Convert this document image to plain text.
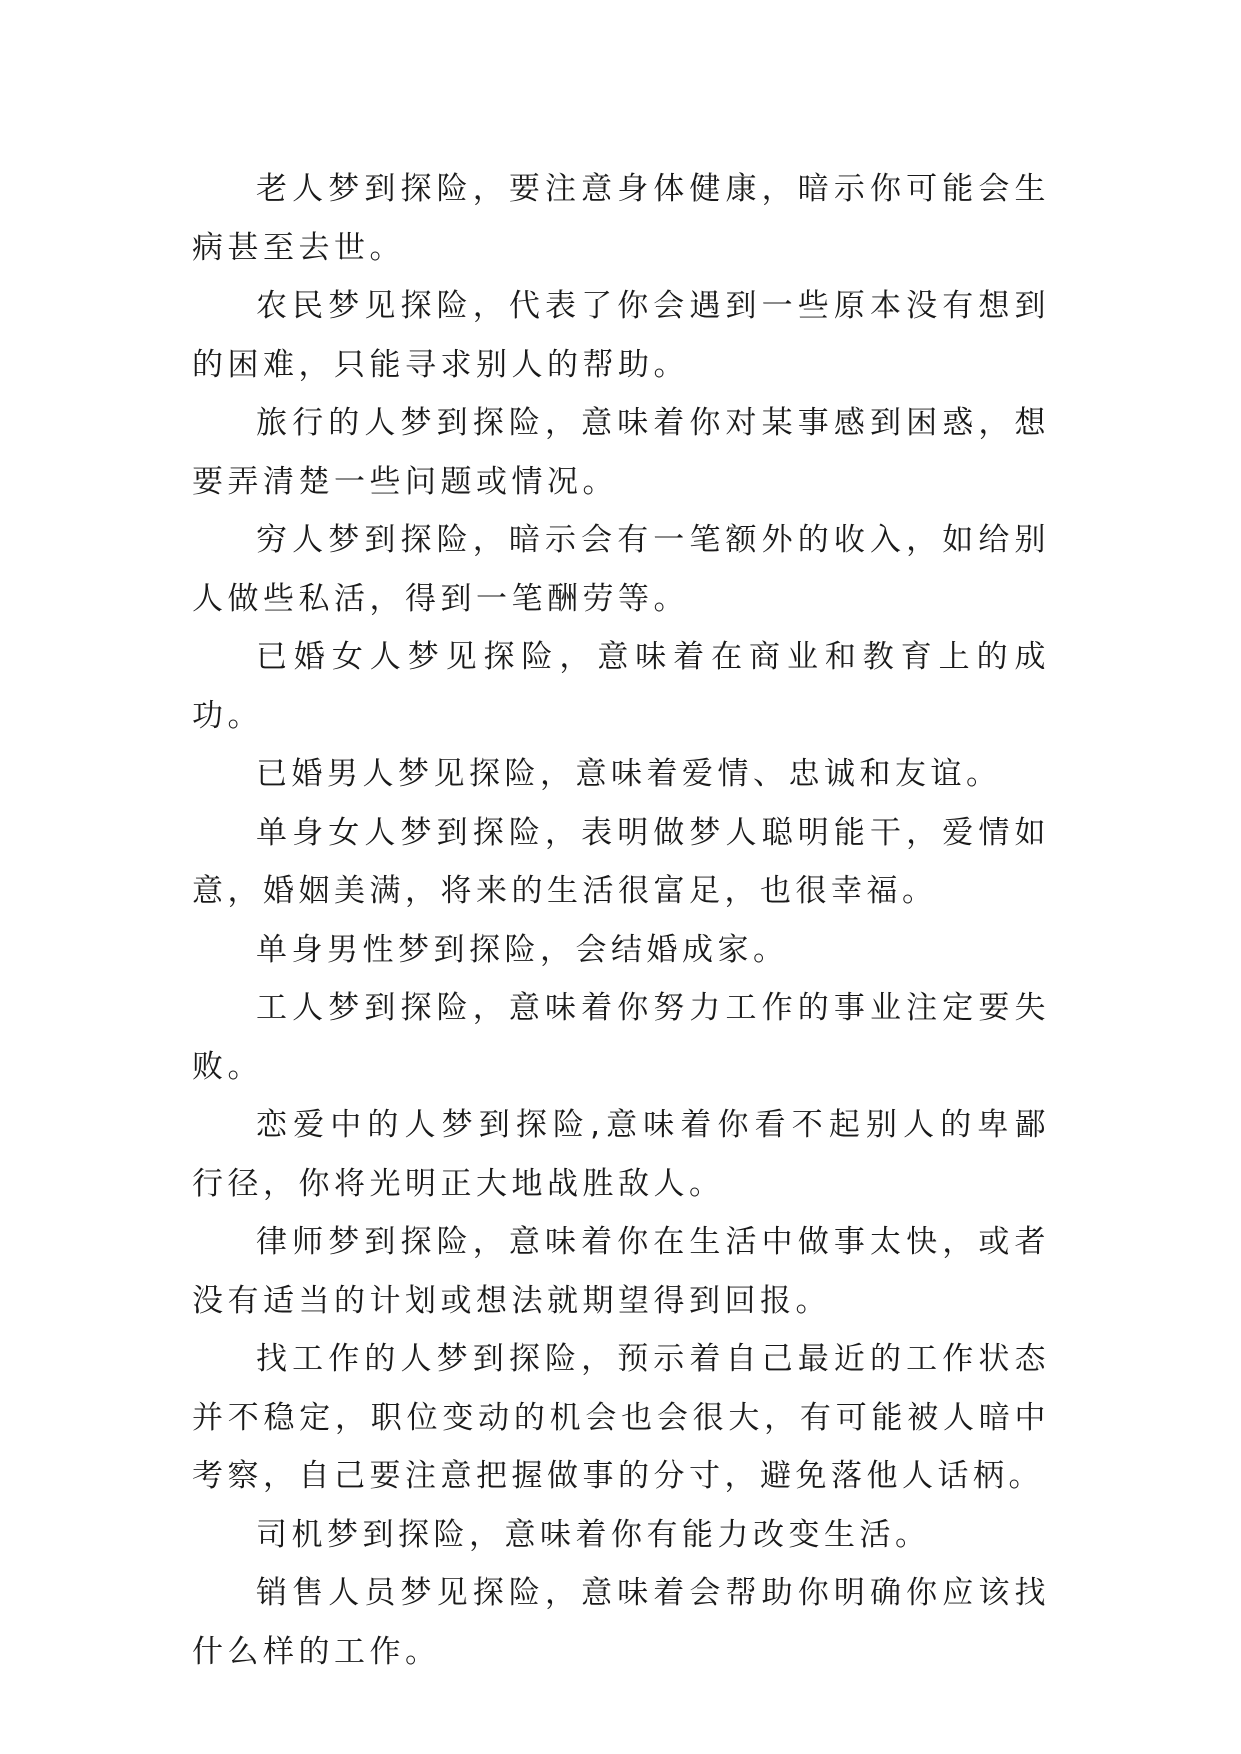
老人梦到探险，要注意身体健康，暗示你可能会生病甚至去世。

农民梦见探险，代表了你会遇到一些原本没有想到的困难，只能寻求别人的帮助。

旅行的人梦到探险，意味着你对某事感到困惑，想要弄清楚一些问题或情况。

穷人梦到探险，暗示会有一笔额外的收入，如给别人做些私活，得到一笔酬劳等。

已婚女人梦见探险，意味着在商业和教育上的成功。

已婚男人梦见探险，意味着爱情、忠诚和友谊。

单身女人梦到探险，表明做梦人聪明能干，爱情如意，婚姻美满，将来的生活很富足，也很幸福。

单身男性梦到探险，会结婚成家。

工人梦到探险，意味着你努力工作的事业注定要失败。

恋爱中的人梦到探险,意味着你看不起别人的卑鄙行径，你将光明正大地战胜敌人。

律师梦到探险，意味着你在生活中做事太快，或者没有适当的计划或想法就期望得到回报。

找工作的人梦到探险，预示着自己最近的工作状态并不稳定，职位变动的机会也会很大，有可能被人暗中考察，自己要注意把握做事的分寸，避免落他人话柄。

司机梦到探险，意味着你有能力改变生活。

销售人员梦见探险，意味着会帮助你明确你应该找什么样的工作。
